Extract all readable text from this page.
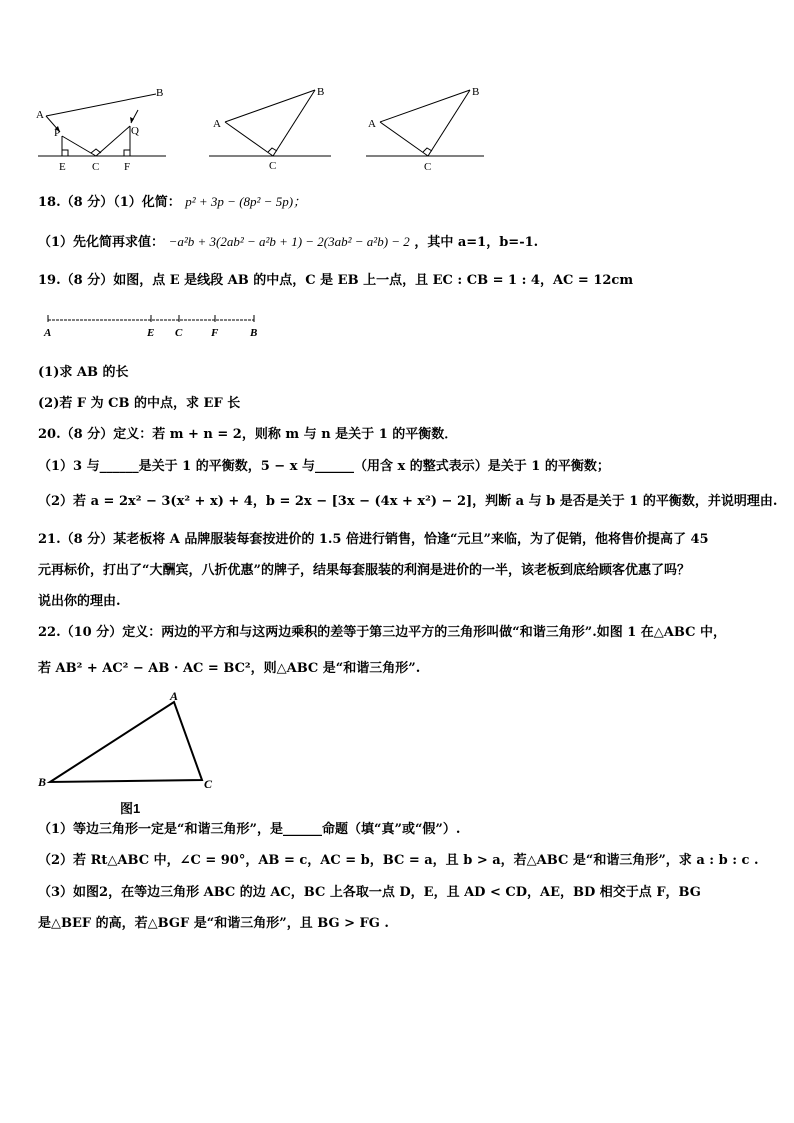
A
B
P	Q
E C F
A
B
C
A
B
C
18.（8 分）（1）化简： p² + 3p − (8p² − 5p)；
（1）先化简再求值： −a²b + 3(2ab² − a²b + 1) − 2(3ab² − a²b) − 2 ，其中 a=1，b=-1.
19.（8 分）如图，点 E 是线段 AB 的中点，C 是 EB 上一点，且 EC : CB = 1 : 4，AC = 12cm
A	E C	F	B
(1)求 AB 的长
(2)若 F 为 CB 的中点，求 EF 长
20.（8 分）定义：若 m + n = 2，则称 m 与 n 是关于 1 的平衡数．
（1）3 与______是关于 1 的平衡数，5 − x 与______（用含 x 的整式表示）是关于 1 的平衡数；
（2）若 a = 2x² − 3(x² + x) + 4，b = 2x − [3x − (4x + x²) − 2]，判断 a 与 b 是否是关于 1 的平衡数，并说明理由.
21.（8 分）某老板将 A 品牌服装每套按进价的 1.5 倍进行销售，恰逢“元旦”来临，为了促销，他将售价提高了 45
元再标价，打出了“大酬宾，八折优惠”的牌子，结果每套服装的利润是进价的一半，该老板到底给顾客优惠了吗？
说出你的理由.
22.（10 分）定义：两边的平方和与这两边乘积的差等于第三边平方的三角形叫做“和谐三角形”.如图 1 在△ABC 中，
若 AB² + AC² − AB · AC = BC²，则△ABC 是“和谐三角形”.
A
B	C
图1
（1）等边三角形一定是“和谐三角形”，是______命题（填“真”或“假”）.
（2）若 Rt△ABC 中，∠C = 90°，AB = c，AC = b，BC = a，且 b > a，若△ABC 是“和谐三角形”，求 a : b : c .
（3）如图2，在等边三角形 ABC 的边 AC，BC 上各取一点 D，E，且 AD < CD，AE，BD 相交于点 F，BG
是△BEF 的高，若△BGF 是“和谐三角形”，且 BG > FG .
